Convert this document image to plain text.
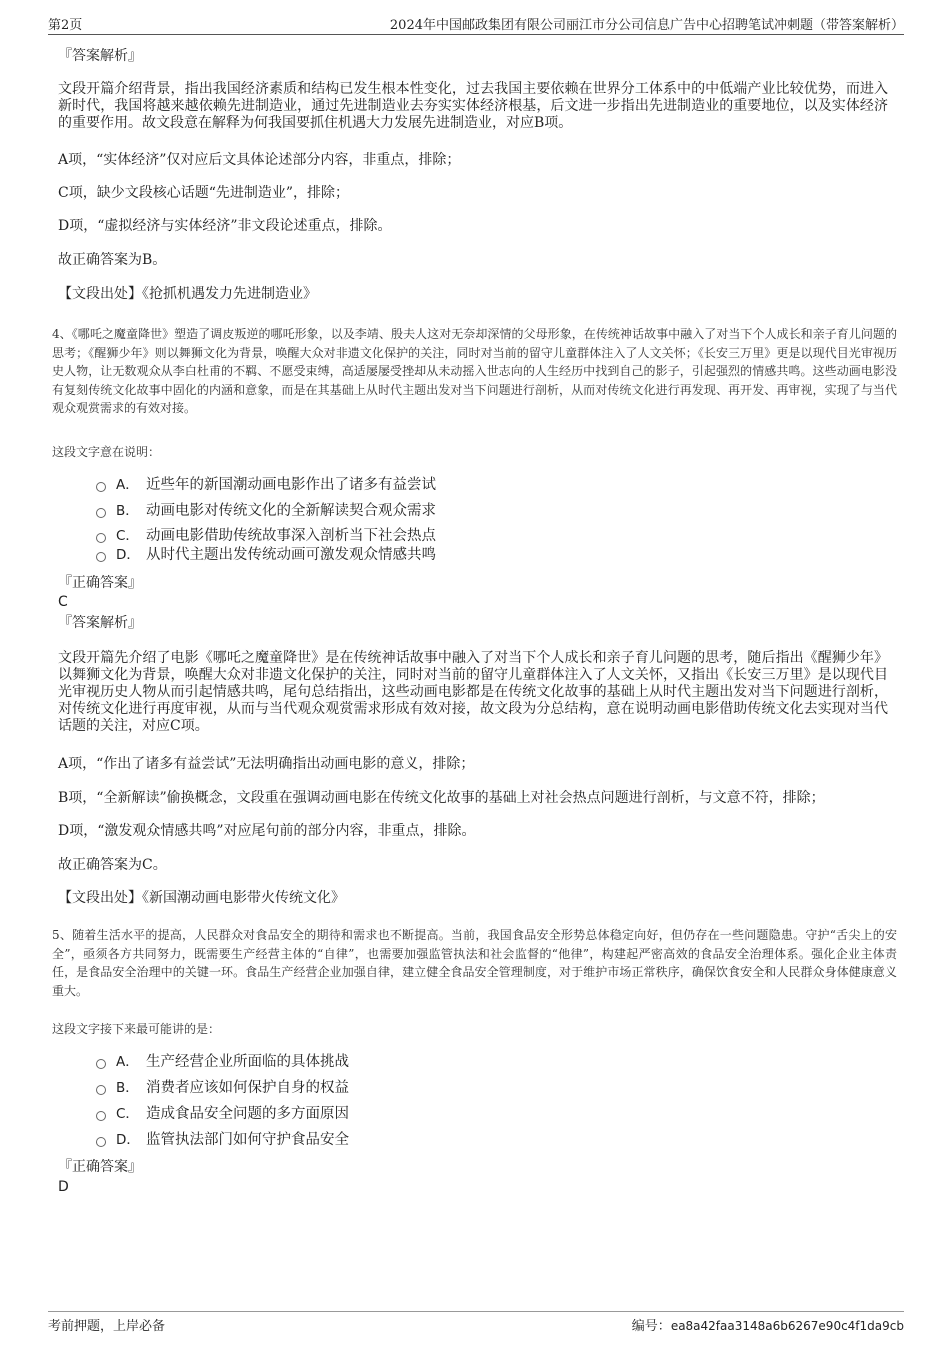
第2页	2024年中国邮政集团有限公司丽江市分公司信息广告中心招聘笔试冲刺题（带答案解析）
『答案解析』
文段开篇介绍背景，指出我国经济素质和结构已发生根本性变化，过去我国主要依赖在世界分工体系中的中低端产业比较优势，而进入新时代，我国将越来越依赖先进制造业，通过先进制造业去夯实实体经济根基，后文进一步指出先进制造业的重要地位，以及实体经济的重要作用。故文段意在解释为何我国要抓住机遇大力发展先进制造业，对应B项。
A项，“实体经济”仅对应后文具体论述部分内容，非重点，排除；
C项，缺少文段核心话题“先进制造业”，排除；
D项，“虚拟经济与实体经济”非文段论述重点，排除。
故正确答案为B。
【文段出处】《抢抓机遇发力先进制造业》
4、《哪吒之魔童降世》塑造了调皮叛逆的哪吒形象，以及李靖、殷夫人这对无奈却深情的父母形象，在传统神话故事中融入了对当下个人成长和亲子育儿问题的思考；《醒狮少年》则以舞狮文化为背景，唤醒大众对非遗文化保护的关注，同时对当前的留守儿童群体注入了人文关怀；《长安三万里》更是以现代目光审视历史人物，让无数观众从李白杜甫的不羁、不愿受束缚，高适屡屡受挫却从未动摇入世志向的人生经历中找到自己的影子，引起强烈的情感共鸣。这些动画电影没有复刻传统文化故事中固化的内涵和意象，而是在其基础上从时代主题出发对当下问题进行剖析，从而对传统文化进行再发现、再开发、再审视，实现了与当代观众观赏需求的有效对接。
这段文字意在说明：
A． 近些年的新国潮动画电影作出了诸多有益尝试
B． 动画电影对传统文化的全新解读契合观众需求
C． 动画电影借助传统故事深入剖析当下社会热点
D． 从时代主题出发传统动画可激发观众情感共鸣
『正确答案』
C
『答案解析』
文段开篇先介绍了电影《哪吒之魔童降世》是在传统神话故事中融入了对当下个人成长和亲子育儿问题的思考，随后指出《醒狮少年》以舞狮文化为背景，唤醒大众对非遗文化保护的关注，同时对当前的留守儿童群体注入了人文关怀，又指出《长安三万里》是以现代目光审视历史人物从而引起情感共鸣，尾句总结指出，这些动画电影都是在传统文化故事的基础上从时代主题出发对当下问题进行剖析，对传统文化进行再度审视，从而与当代观众观赏需求形成有效对接，故文段为分总结构，意在说明动画电影借助传统文化去实现对当代话题的关注，对应C项。
A项，“作出了诸多有益尝试”无法明确指出动画电影的意义，排除；
B项，“全新解读”偷换概念，文段重在强调动画电影在传统文化故事的基础上对社会热点问题进行剖析，与文意不符，排除；
D项，“激发观众情感共鸣”对应尾句前的部分内容，非重点，排除。
故正确答案为C。
【文段出处】《新国潮动画电影带火传统文化》
5、随着生活水平的提高，人民群众对食品安全的期待和需求也不断提高。当前，我国食品安全形势总体稳定向好，但仍存在一些问题隐患。守护“舌尖上的安全”，亟须各方共同努力，既需要生产经营主体的“自律”，也需要加强监管执法和社会监督的“他律”，构建起严密高效的食品安全治理体系。强化企业主体责任，是食品安全治理中的关键一环。食品生产经营企业加强自律，建立健全食品安全管理制度，对于维护市场正常秩序，确保饮食安全和人民群众身体健康意义重大。
这段文字接下来最可能讲的是：
A． 生产经营企业所面临的具体挑战
B． 消费者应该如何保护自身的权益
C． 造成食品安全问题的多方面原因
D． 监管执法部门如何守护食品安全
『正确答案』
D
考前押题，上岸必备	编号：ea8a42faa3148a6b6267e90c4f1da9cb
